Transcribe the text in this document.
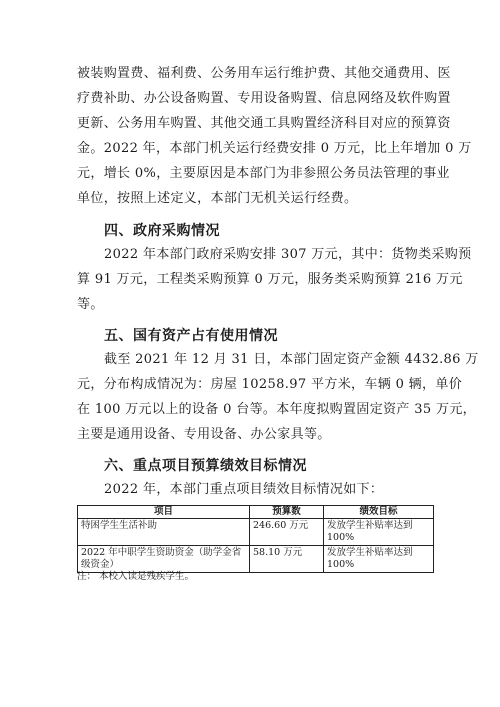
被装购置费、福利费、公务用车运行维护费、其他交通费用、医
疗费补助、办公设备购置、专用设备购置、信息网络及软件购置
更新、公务用车购置、其他交通工具购置经济科目对应的预算资
金。2022 年，本部门机关运行经费安排 0 万元，比上年增加 0 万
元，增长 0%，主要原因是本部门为非参照公务员法管理的事业
单位，按照上述定义，本部门无机关运行经费。
四、政府采购情况
2022 年本部门政府采购安排 307 万元，其中：货物类采购预
算 91 万元，工程类采购预算 0 万元，服务类采购预算 216 万元
等。
五、国有资产占有使用情况
截至 2021 年 12 月 31 日，本部门固定资产金额 4432.86 万
元，分布构成情况为：房屋 10258.97 平方米，车辆 0 辆，单价
在 100 万元以上的设备 0 台等。本年度拟购置固定资产 35 万元，
主要是通用设备、专用设备、办公家具等。
六、重点项目预算绩效目标情况
2022 年，本部门重点项目绩效目标情况如下：
项目	预算数	绩效目标
特困学生生活补助	246.60 万元	发放学生补贴率达到 100%
2022 年中职学生资助资金（助学金省级资金）	58.10 万元	发放学生补贴率达到 100%
注： 本校入读是残疾学生。
